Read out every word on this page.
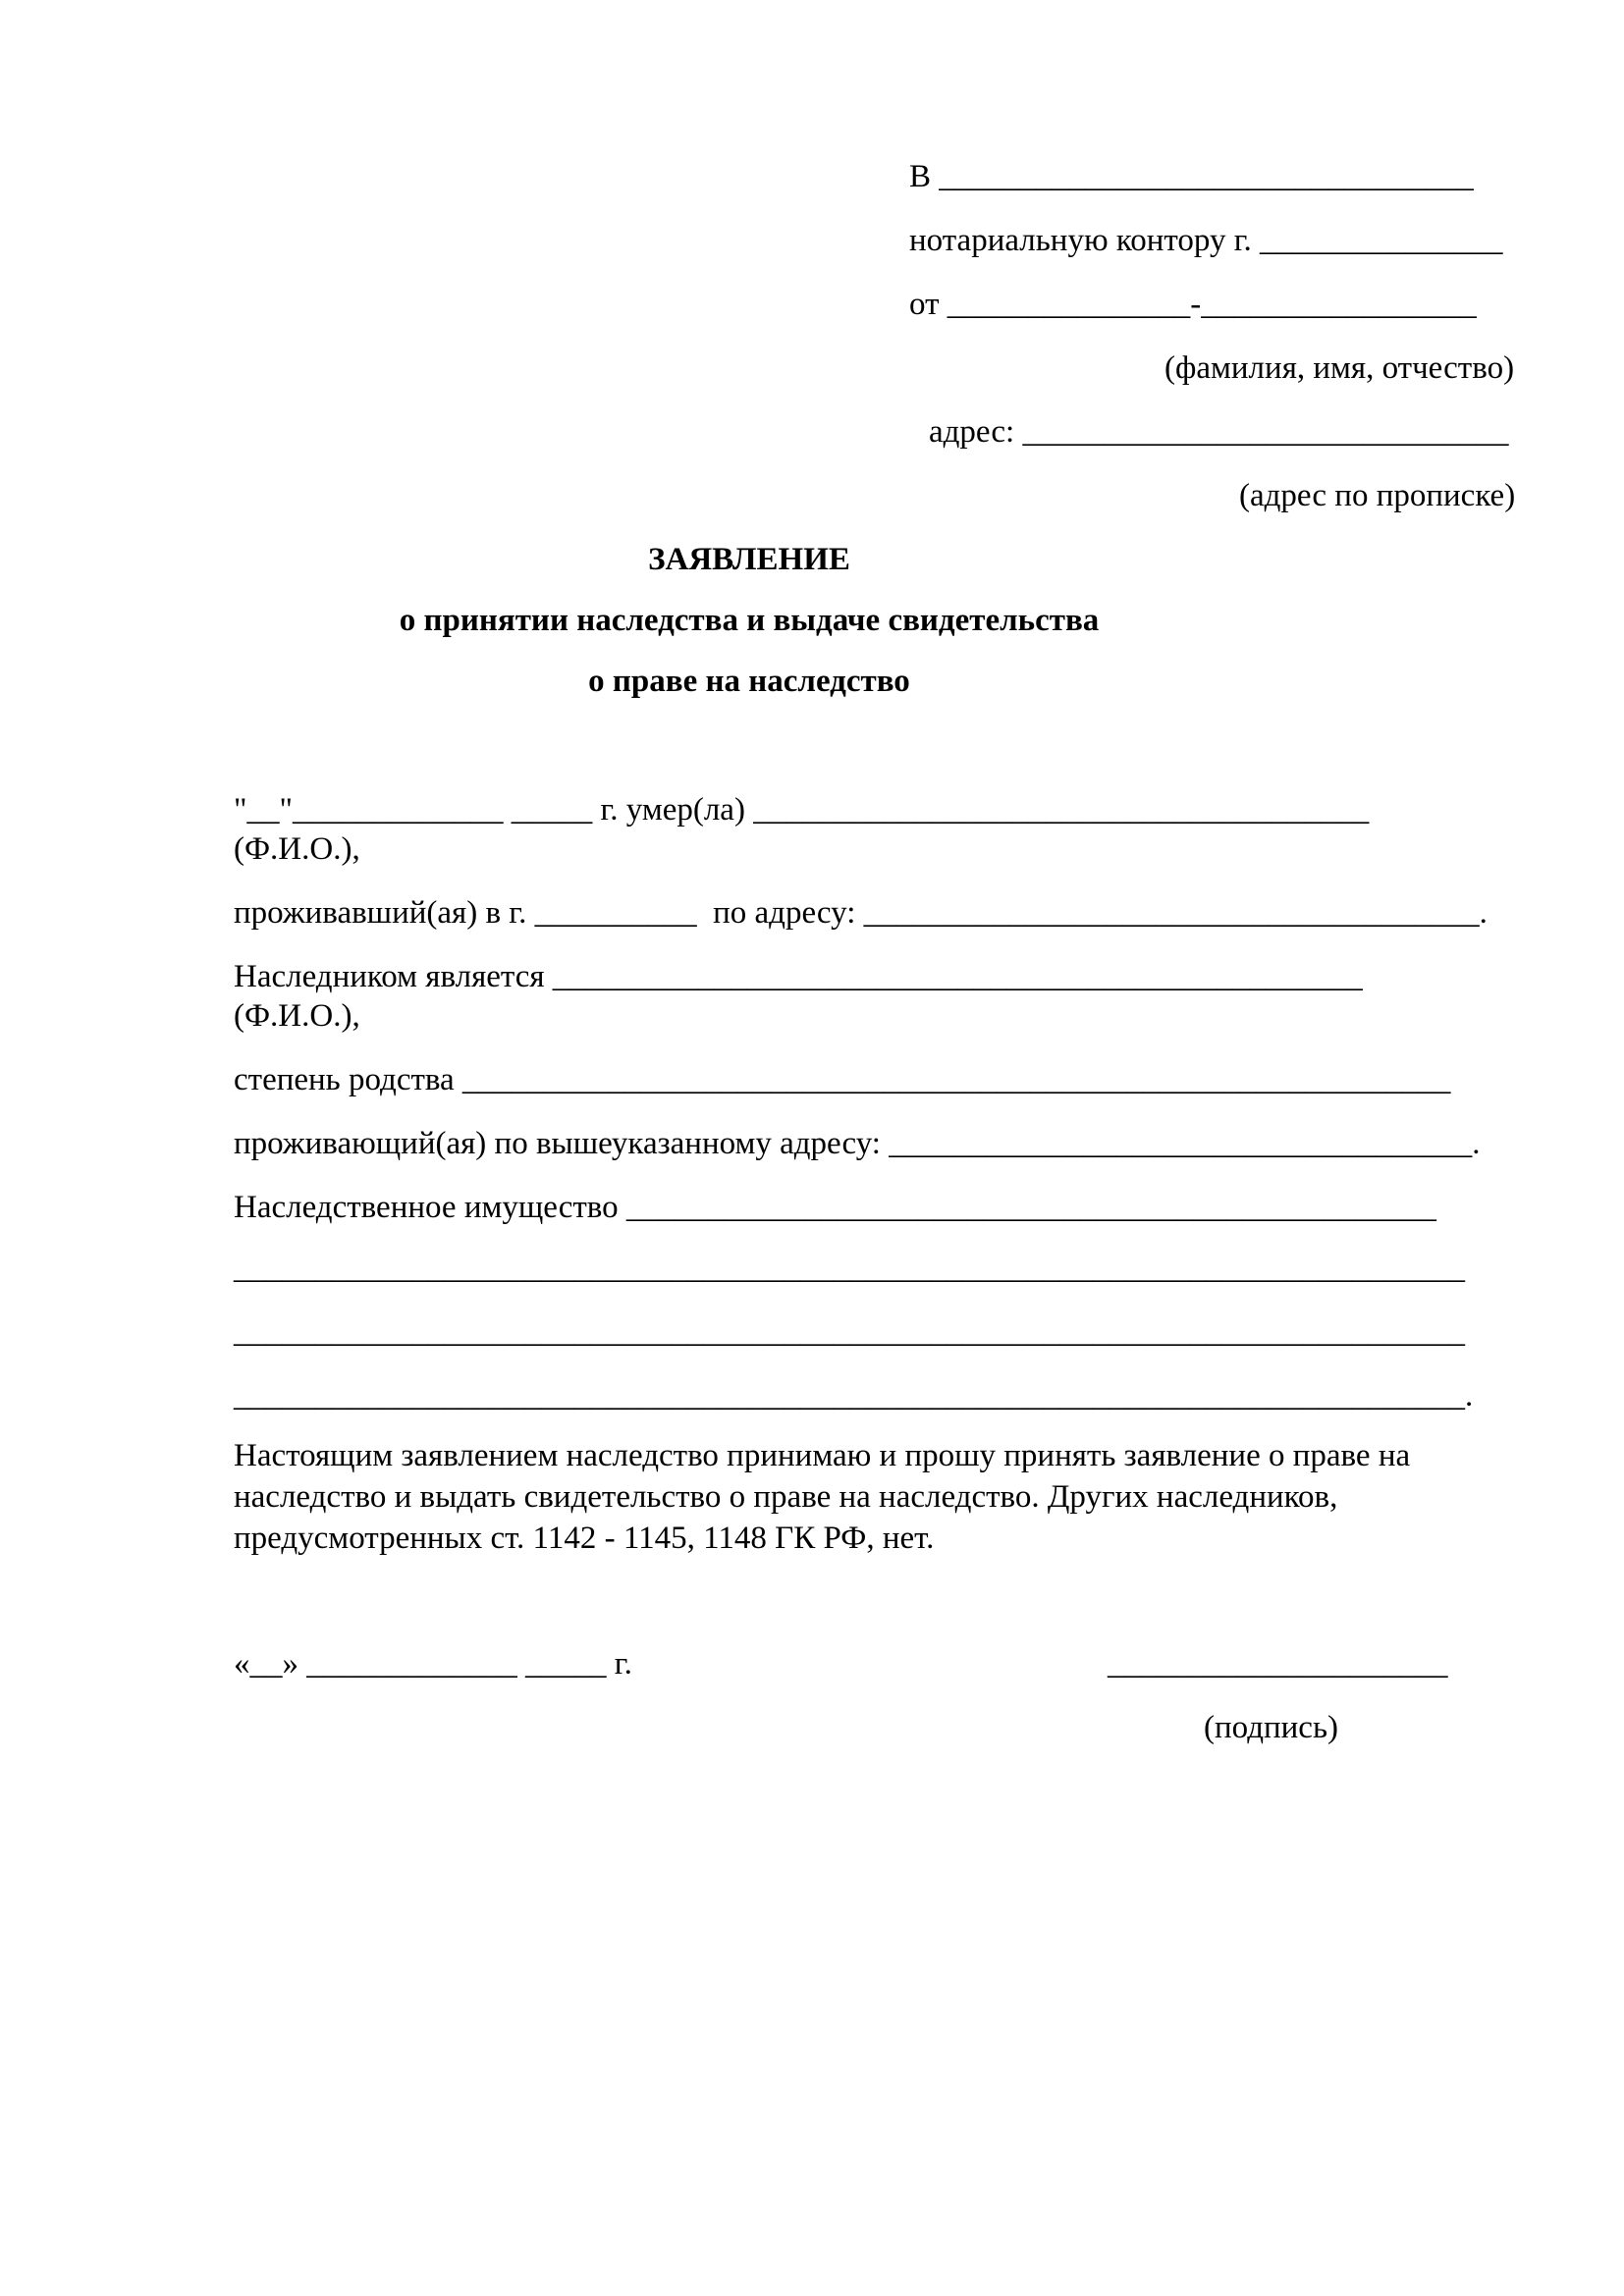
В _________________________________

нотариальную контору г. _______________

от _______________-_________________

(фамилия, имя, отчество)

адрес: ______________________________

(адрес по прописке)

ЗАЯВЛЕНИЕ

о принятии наследства и выдаче свидетельства

о праве на наследство

"__"_____________ _____ г. умер(ла) ______________________________________

(Ф.И.О.),

проживавший(ая) в г. __________  по адресу: ______________________________________.

Наследником является __________________________________________________

(Ф.И.О.),

степень родства _____________________________________________________________

проживающий(ая) по вышеуказанному адресу: ____________________________________.

Наследственное имущество __________________________________________________

____________________________________________________________________________

____________________________________________________________________________

____________________________________________________________________________.

Настоящим заявлением наследство принимаю и прошу принять заявление о праве на наследство и выдать свидетельство о праве на наследство. Других наследников, предусмотренных ст. 1142 - 1145, 1148 ГК РФ, нет.

«__» _____________ _____ г.	_____________________

(подпись)
